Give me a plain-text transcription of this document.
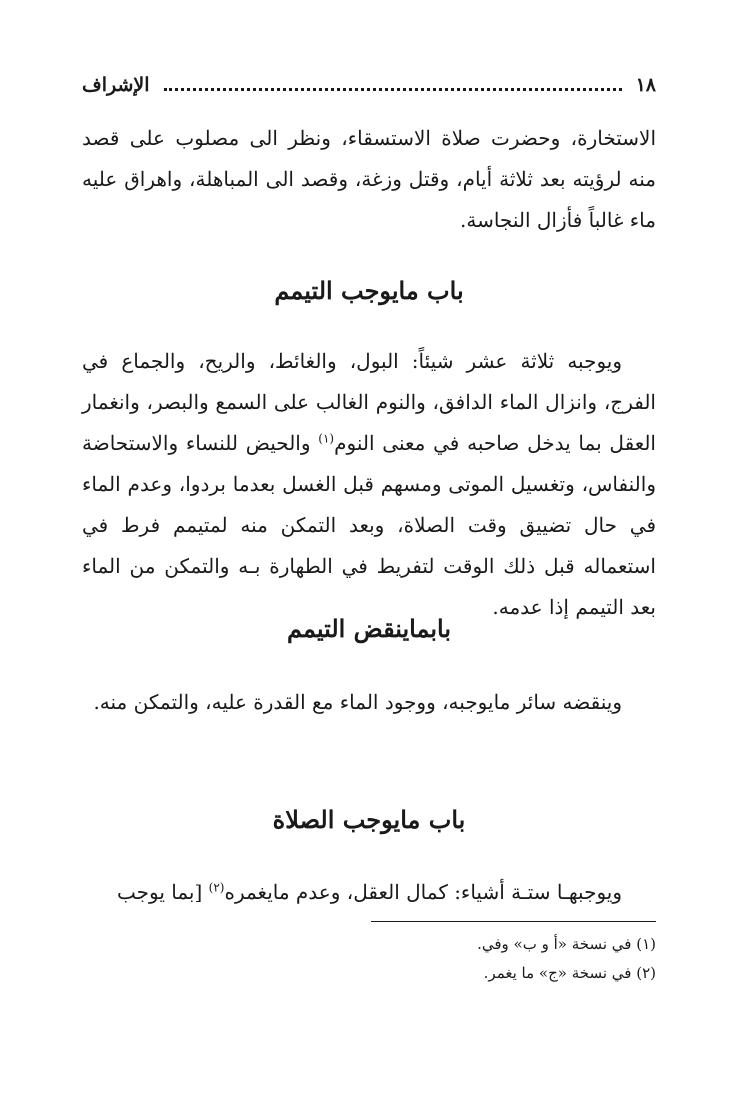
١٨
الإشراف

الاستخارة، وحضرت صلاة الاستسقاء، ونظر الى مصلوب على قصد منه لرؤيته بعد ثلاثة أيام، وقتل وزغة، وقصد الى المباهلة، واهراق عليه ماء غالباً فأزال النجاسة.

باب مايوجب التيمم

ويوجبه ثلاثة عشر شيئاً: البول، والغائط، والريح، والجماع في الفرج، وانزال الماء الدافق، والنوم الغالب على السمع والبصر، وانغمار العقل بما يدخل صاحبه في معنى النوم$^{(١)}$ والحيض للنساء والاستحاضة والنفاس، وتغسيل الموتى ومسهم قبل الغسل بعدما بردوا، وعدم الماء في حال تضييق وقت الصلاة، وبعد التمكن منه لمتيمم فرط في استعماله قبل ذلك الوقت لتفريط في الطهارة بـه والتمكن من الماء بعد التيمم إذا عدمه.

بابماينقض التيمم

وينقضه سائر مايوجبه، ووجود الماء مع القدرة عليه، والتمكن منه.

باب مايوجب الصلاة

ويوجبهـا ستـة أشياء: كمال العقل، وعدم مايغمره$^{(٢)}$ [بما يوجب

(١) في نسخة «أ و ب» وفي.

(٢) في نسخة «ج» ما يغمر.
